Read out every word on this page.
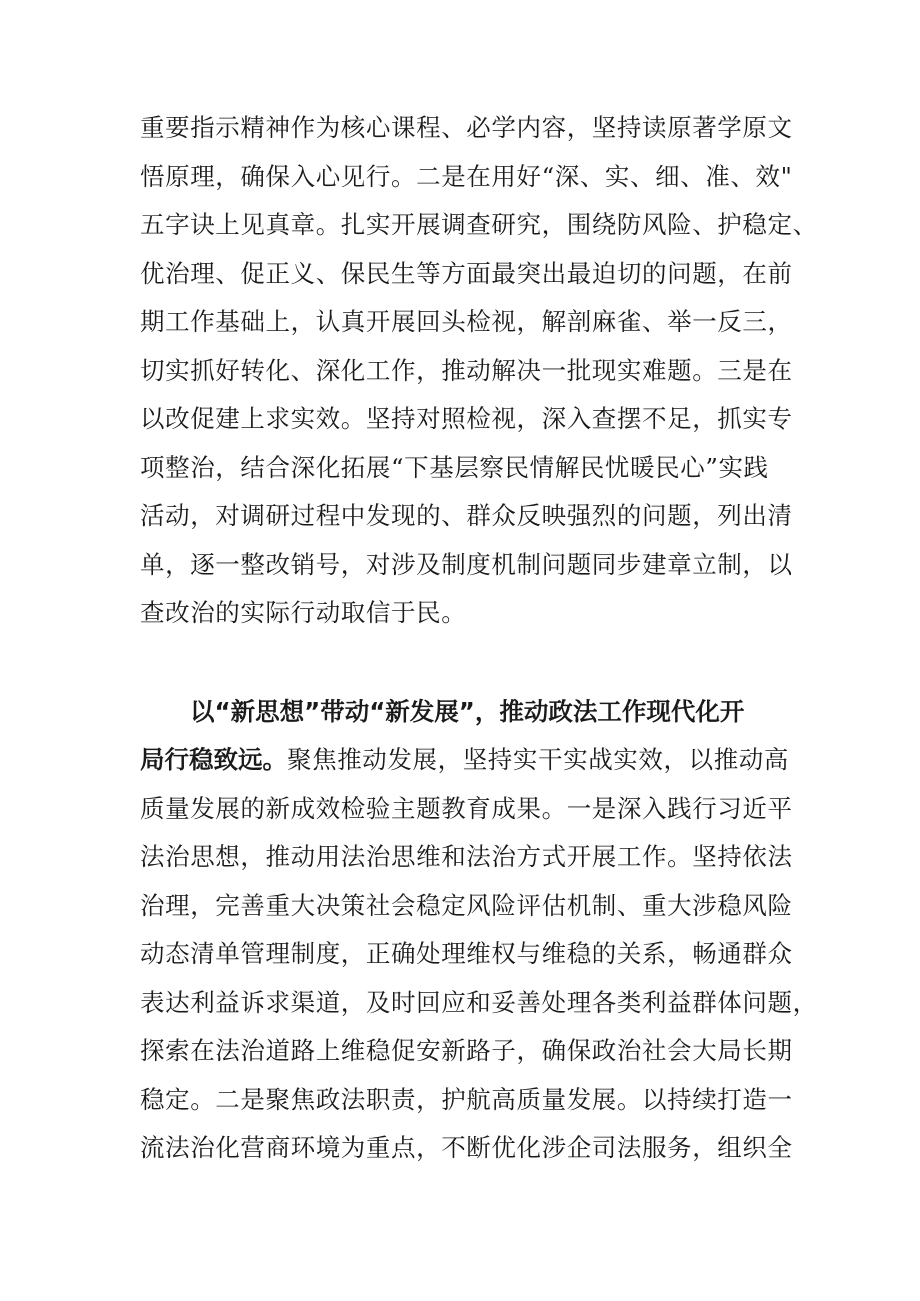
重要指示精神作为核心课程、必学内容，坚持读原著学原文
悟原理，确保入心见行。二是在用好“深、实、细、准、效"
五字诀上见真章。扎实开展调查研究，围绕防风险、护稳定、
优治理、促正义、保民生等方面最突出最迫切的问题，在前
期工作基础上，认真开展回头检视，解剖麻雀、举一反三，
切实抓好转化、深化工作，推动解决一批现实难题。三是在
以改促建上求实效。坚持对照检视，深入查摆不足，抓实专
项整治，结合深化拓展“下基层察民情解民忧暖民心”实践
活动，对调研过程中发现的、群众反映强烈的问题，列出清
单，逐一整改销号，对涉及制度机制问题同步建章立制，以
查改治的实际行动取信于民。
以“新思想”带动“新发展”，推动政法工作现代化开
局行稳致远。聚焦推动发展，坚持实干实战实效，以推动高
质量发展的新成效检验主题教育成果。一是深入践行习近平
法治思想，推动用法治思维和法治方式开展工作。坚持依法
治理，完善重大决策社会稳定风险评估机制、重大涉稳风险
动态清单管理制度，正确处理维权与维稳的关系，畅通群众
表达利益诉求渠道，及时回应和妥善处理各类利益群体问题，
探索在法治道路上维稳促安新路子，确保政治社会大局长期
稳定。二是聚焦政法职责，护航高质量发展。以持续打造一
流法治化营商环境为重点，不断优化涉企司法服务，组织全
